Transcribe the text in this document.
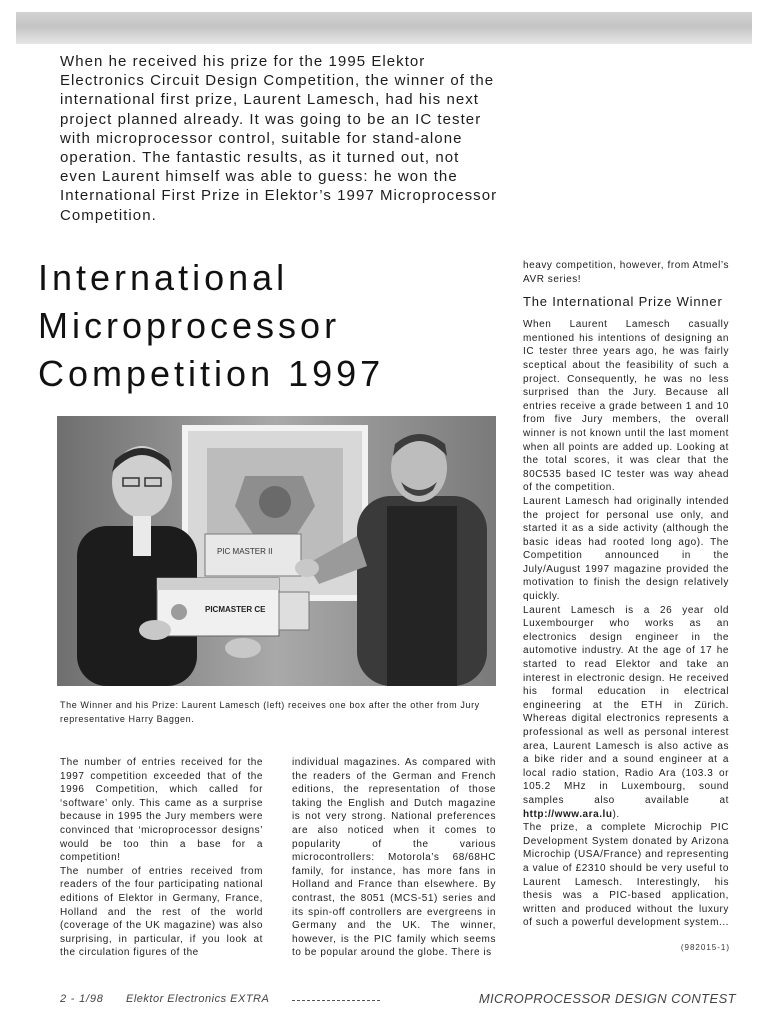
When he received his prize for the 1995 Elektor Electronics Circuit Design Competition, the winner of the international first prize, Laurent Lamesch, had his next project planned already. It was going to be an IC tester with microprocessor control, suitable for stand-alone operation. The fantastic results, as it turned out, not even Laurent himself was able to guess: he won the International First Prize in Elektor’s 1997 Microprocessor Competition.
International
Microprocessor
Competition 1997
PIC MASTER II
PICMASTER CE
The Winner and his Prize: Laurent Lamesch (left) receives one box after the other from Jury representative Harry Baggen.

The number of entries received for the 1997 competition exceeded that of the 1996 Competition, which called for ‘software’ only. This came as a surprise because in 1995 the Jury members were convinced that ‘microprocessor designs’ would be too thin a base for a competition!

The number of entries received from readers of the four participating national editions of Elektor in Germany, France, Holland and the rest of the world (coverage of the UK magazine) was also surprising, in particular, if you look at the circulation figures of the

individual magazines. As compared with the readers of the German and French editions, the representation of those taking the English and Dutch magazine is not very strong. National preferences are also noticed when it comes to popularity of the various microcontrollers: Motorola’s 68/68HC family, for instance, has more fans in Holland and France than elsewhere. By contrast, the 8051 (MCS-51) series and its spin-off controllers are evergreens in Germany and the UK. The winner, however, is the PIC family which seems to be popular around the globe. There is

heavy competition, however, from Atmel’s AVR series!

The International Prize Winner

When Laurent Lamesch casually mentioned his intentions of designing an IC tester three years ago, he was fairly sceptical about the feasibility of such a project. Consequently, he was no less surprised than the Jury. Because all entries receive a grade between 1 and 10 from five Jury members, the overall winner is not known until the last moment when all points are added up. Looking at the total scores, it was clear that the 80C535 based IC tester was way ahead of the competition.

Laurent Lamesch had originally intended the project for personal use only, and started it as a side activity (although the basic ideas had rooted long ago). The Competition announced in the July/August 1997 magazine provided the motivation to finish the design relatively quickly.

Laurent Lamesch is a 26 year old Luxembourger who works as an electronics design engineer in the automotive industry. At the age of 17 he started to read Elektor and take an interest in electronic design. He received his formal education in electrical engineering at the ETH in Zürich. Whereas digital electronics represents a professional as well as personal interest area, Laurent Lamesch is also active as a bike rider and a sound engineer at a local radio station, Radio Ara (103.3 or 105.2 MHz in Luxembourg, sound samples also available at http://www.ara.lu).

The prize, a complete Microchip PIC Development System donated by Arizona Microchip (USA/France) and representing a value of £2310 should be very useful to Laurent Lamesch. Interestingly, his thesis was a PIC-based application, written and produced without the luxury of such a powerful development system...

(982015-1)
2 - 1/98 Elektor Electronics EXTRA	MICROPROCESSOR DESIGN CONTEST
